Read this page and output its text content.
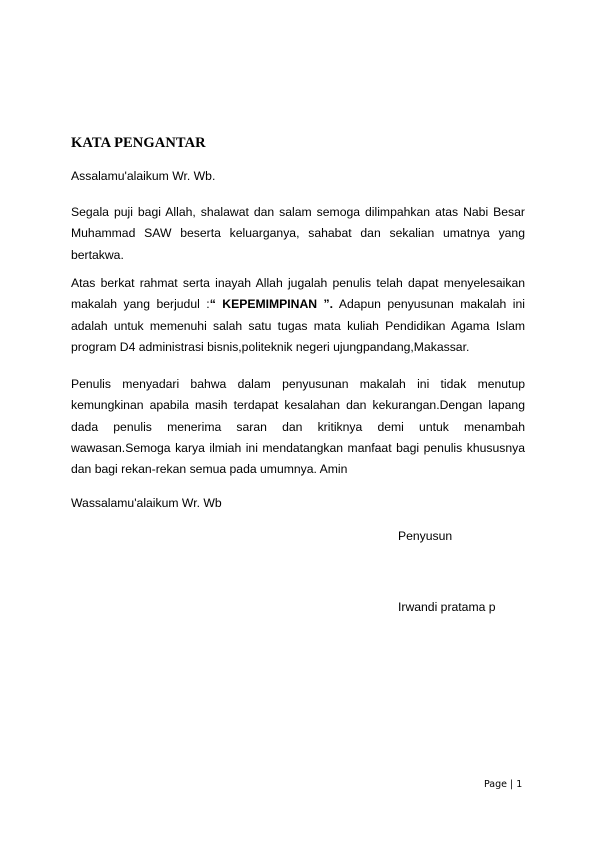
KATA PENGANTAR
Assalamu'alaikum Wr. Wb.
Segala puji bagi Allah, shalawat dan salam semoga dilimpahkan atas Nabi Besar Muhammad SAW beserta keluarganya, sahabat dan sekalian umatnya yang bertakwa.
Atas berkat rahmat serta inayah Allah jugalah penulis telah dapat menyelesaikan makalah yang berjudul :“ KEPEMIMPINAN ”. Adapun penyusunan makalah ini adalah untuk memenuhi salah satu tugas mata kuliah Pendidikan Agama Islam program D4 administrasi bisnis,politeknik negeri ujungpandang,Makassar.
Penulis menyadari bahwa dalam penyusunan makalah ini tidak menutup kemungkinan apabila masih terdapat kesalahan dan kekurangan.Dengan lapang dada penulis menerima saran dan kritiknya demi untuk menambah wawasan.Semoga karya ilmiah ini mendatangkan manfaat bagi penulis khususnya dan bagi rekan-rekan semua pada umumnya. Amin
Wassalamu'alaikum Wr. Wb
Penyusun
Irwandi pratama p
Page | 1
